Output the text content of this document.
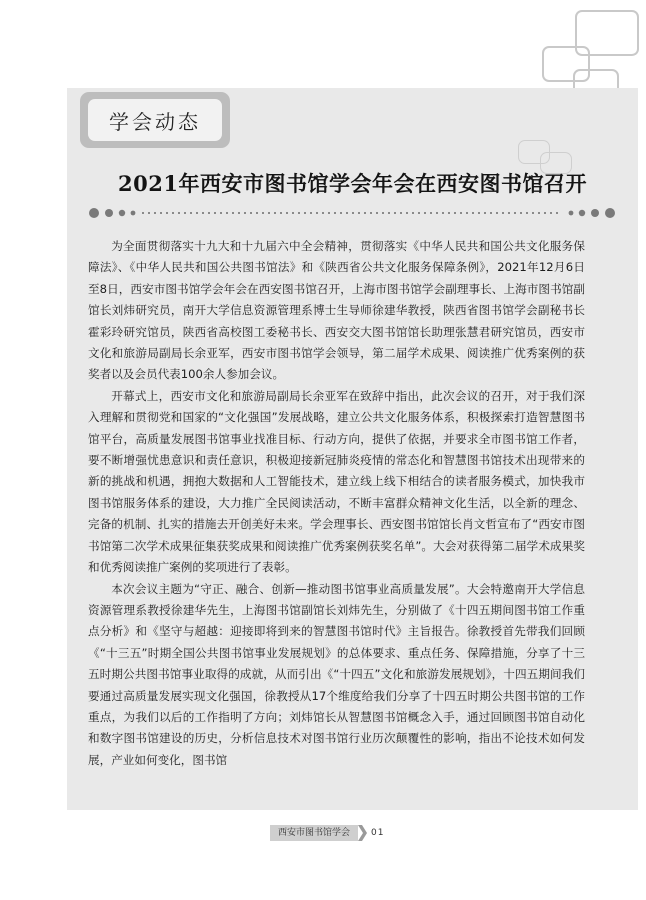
学会动态
2021年西安市图书馆学会年会在西安图书馆召开

为全面贯彻落实十九大和十九届六中全会精神，贯彻落实《中华人民共和国公共文化服务保障法》、《中华人民共和国公共图书馆法》和《陕西省公共文化服务保障条例》，2021年12月6日至8日，西安市图书馆学会年会在西安图书馆召开，上海市图书馆学会副理事长、上海市图书馆副馆长刘炜研究员，南开大学信息资源管理系博士生导师徐建华教授，陕西省图书馆学会副秘书长霍彩玲研究馆员，陕西省高校图工委秘书长、西安交大图书馆馆长助理张慧君研究馆员，西安市文化和旅游局副局长余亚军，西安市图书馆学会领导，第二届学术成果、阅读推广优秀案例的获奖者以及会员代表100余人参加会议。

开幕式上，西安市文化和旅游局副局长余亚军在致辞中指出，此次会议的召开，对于我们深入理解和贯彻党和国家的“文化强国”发展战略，建立公共文化服务体系，积极探索打造智慧图书馆平台，高质量发展图书馆事业找准目标、行动方向，提供了依据，并要求全市图书馆工作者，要不断增强忧患意识和责任意识，积极迎接新冠肺炎疫情的常态化和智慧图书馆技术出现带来的新的挑战和机遇，拥抱大数据和人工智能技术，建立线上线下相结合的读者服务模式，加快我市图书馆服务体系的建设，大力推广全民阅读活动，不断丰富群众精神文化生活，以全新的理念、完备的机制、扎实的措施去开创美好未来。学会理事长、西安图书馆馆长肖文哲宣布了“西安市图书馆第二次学术成果征集获奖成果和阅读推广优秀案例获奖名单”。大会对获得第二届学术成果奖和优秀阅读推广案例的奖项进行了表彰。

本次会议主题为“守正、融合、创新—推动图书馆事业高质量发展”。大会特邀南开大学信息资源管理系教授徐建华先生，上海图书馆副馆长刘炜先生，分别做了《十四五期间图书馆工作重点分析》和《坚守与超越：迎接即将到来的智慧图书馆时代》主旨报告。徐教授首先带我们回顾《“十三五”时期全国公共图书馆事业发展规划》的总体要求、重点任务、保障措施，分享了十三五时期公共图书馆事业取得的成就，从而引出《“十四五”文化和旅游发展规划》，十四五期间我们要通过高质量发展实现文化强国，徐教授从17个维度给我们分享了十四五时期公共图书馆的工作重点，为我们以后的工作指明了方向；刘炜馆长从智慧图书馆概念入手，通过回顾图书馆自动化和数字图书馆建设的历史，分析信息技术对图书馆行业历次颠覆性的影响，指出不论技术如何发展，产业如何变化，图书馆

西安市图书馆学会	01
